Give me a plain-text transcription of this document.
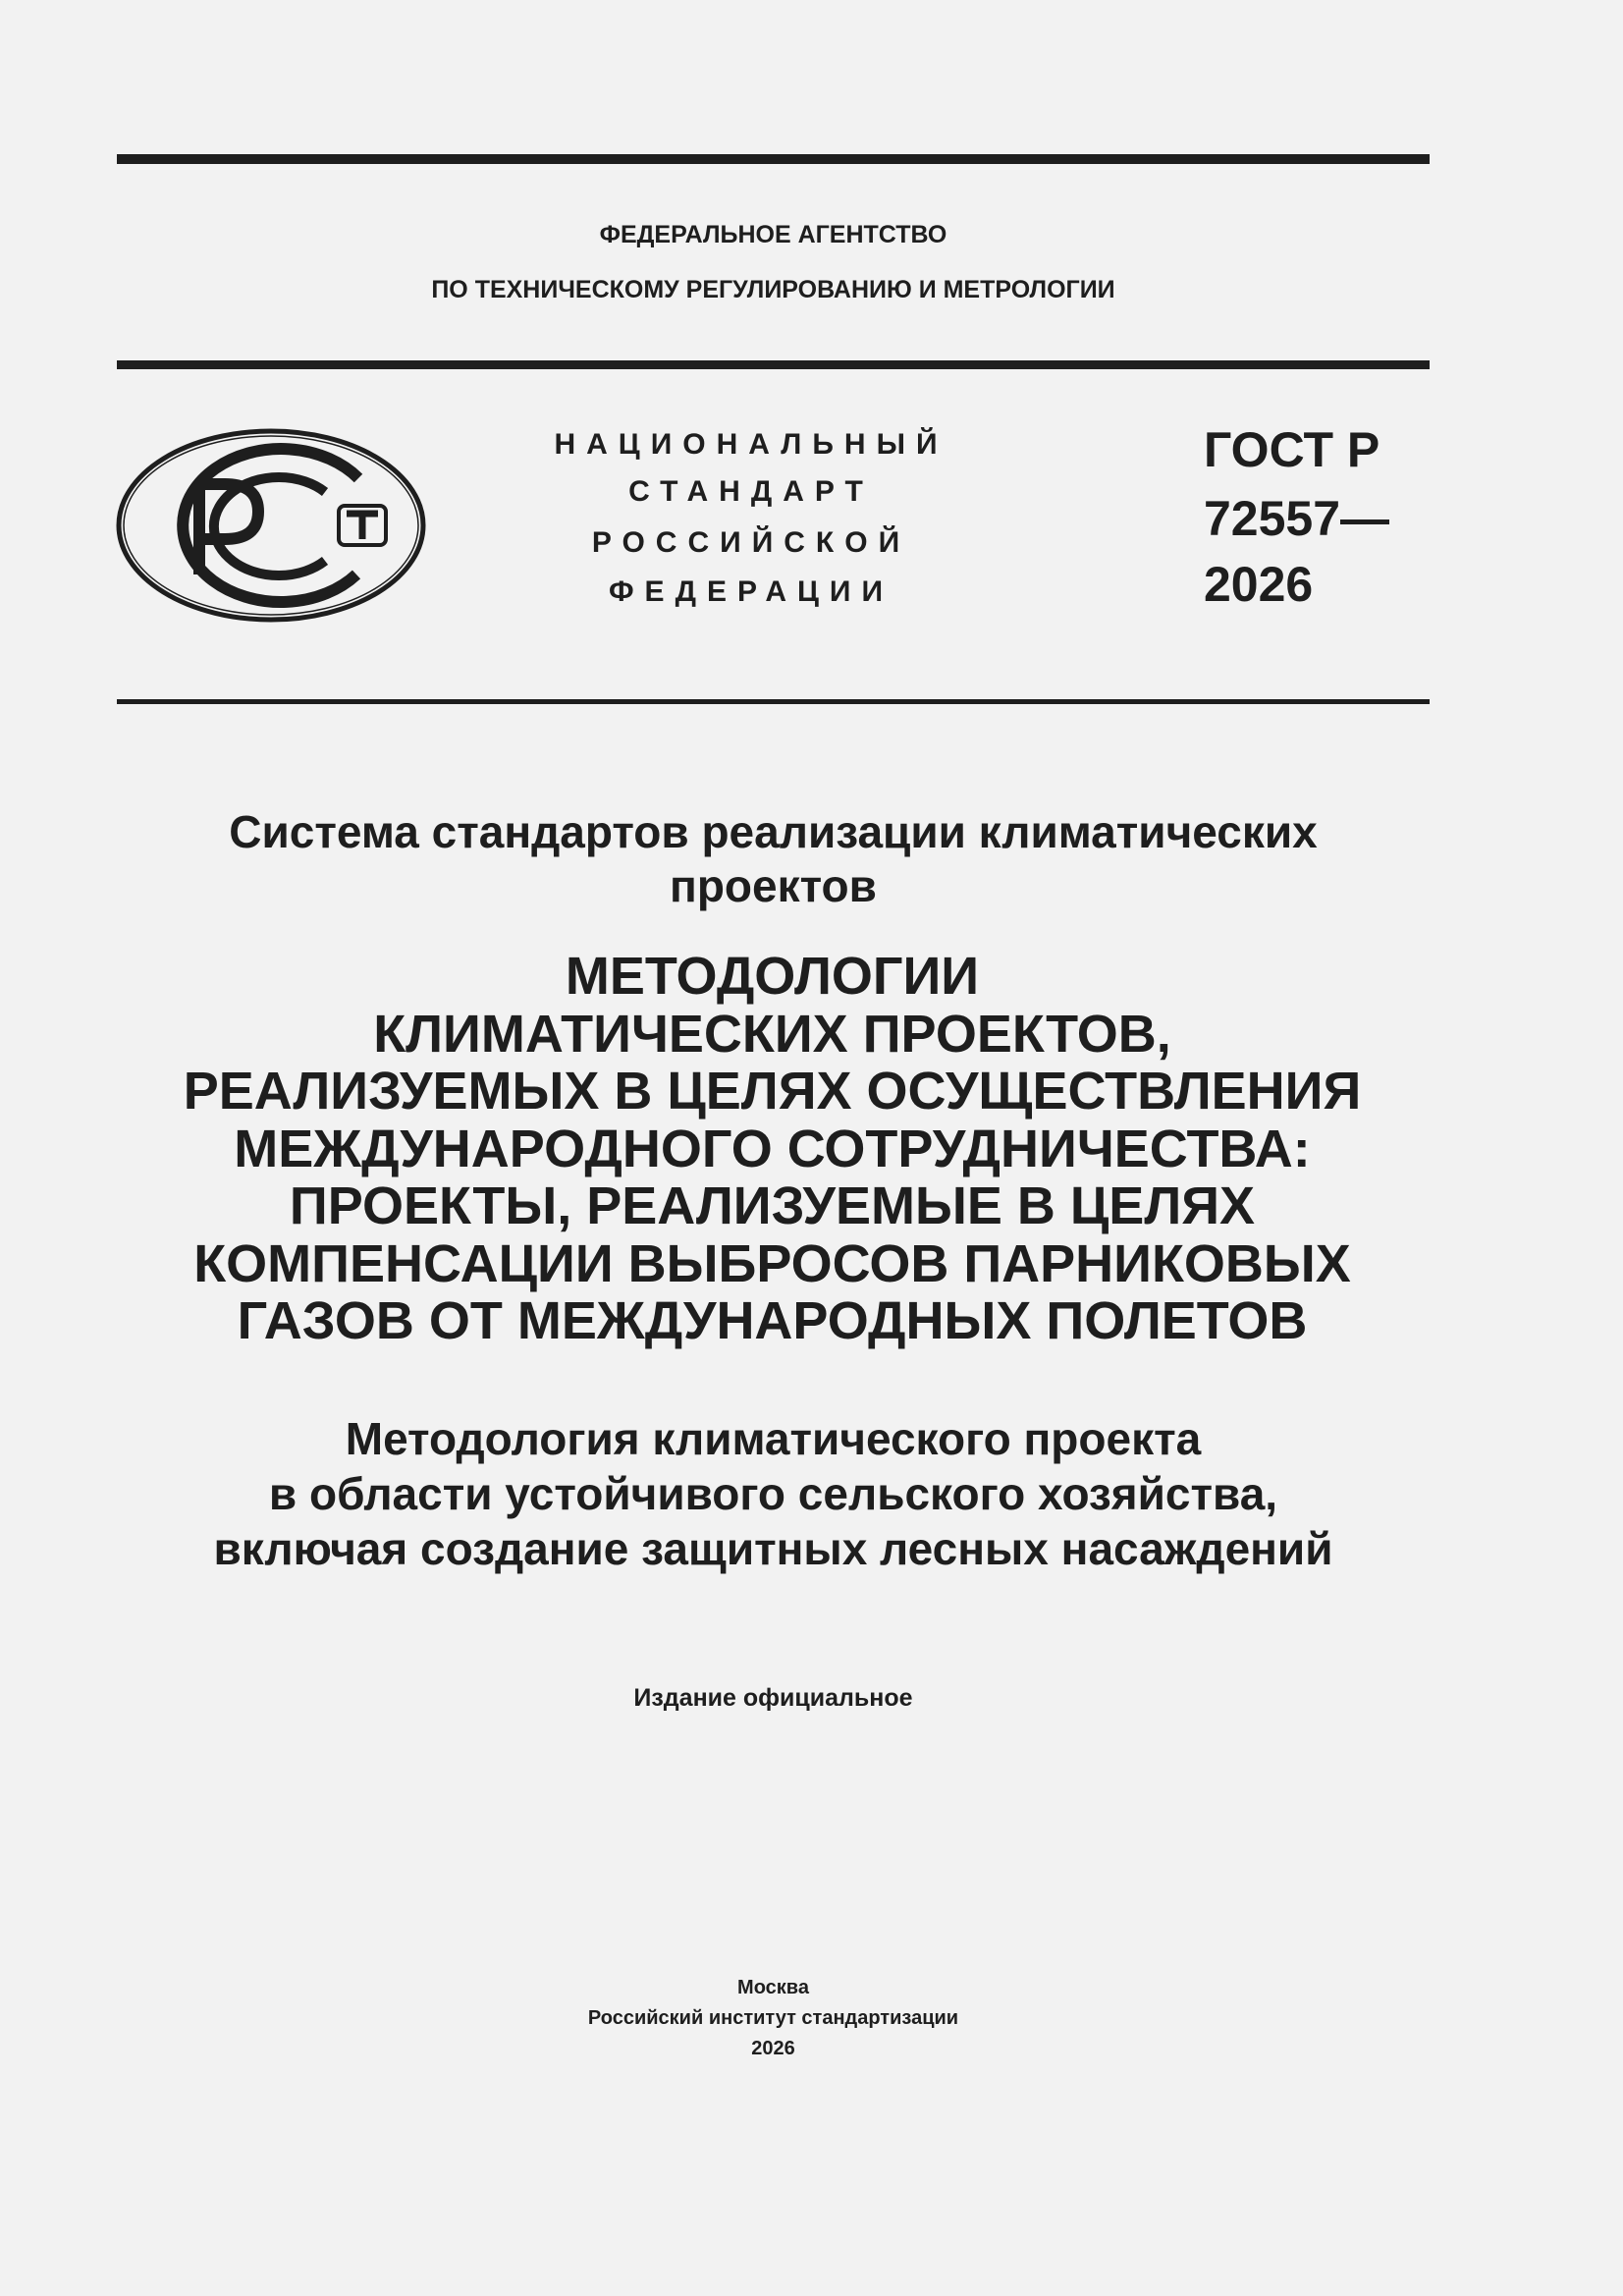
ФЕДЕРАЛЬНОЕ АГЕНТСТВО
ПО ТЕХНИЧЕСКОМУ РЕГУЛИРОВАНИЮ И МЕТРОЛОГИИ
НАЦИОНАЛЬНЫЙ
СТАНДАРТ
РОССИЙСКОЙ
ФЕДЕРАЦИИ
ГОСТ Р
72557—
2026
Система стандартов реализации климатических
проектов
МЕТОДОЛОГИИ
КЛИМАТИЧЕСКИХ ПРОЕКТОВ,
РЕАЛИЗУЕМЫХ В ЦЕЛЯХ ОСУЩЕСТВЛЕНИЯ
МЕЖДУНАРОДНОГО СОТРУДНИЧЕСТВА:
ПРОЕКТЫ, РЕАЛИЗУЕМЫЕ В ЦЕЛЯХ
КОМПЕНСАЦИИ ВЫБРОСОВ ПАРНИКОВЫХ
ГАЗОВ ОТ МЕЖДУНАРОДНЫХ ПОЛЕТОВ
Методология климатического проекта
в области устойчивого сельского хозяйства,
включая создание защитных лесных насаждений
Издание официальное
Москва
Российский институт стандартизации
2026
